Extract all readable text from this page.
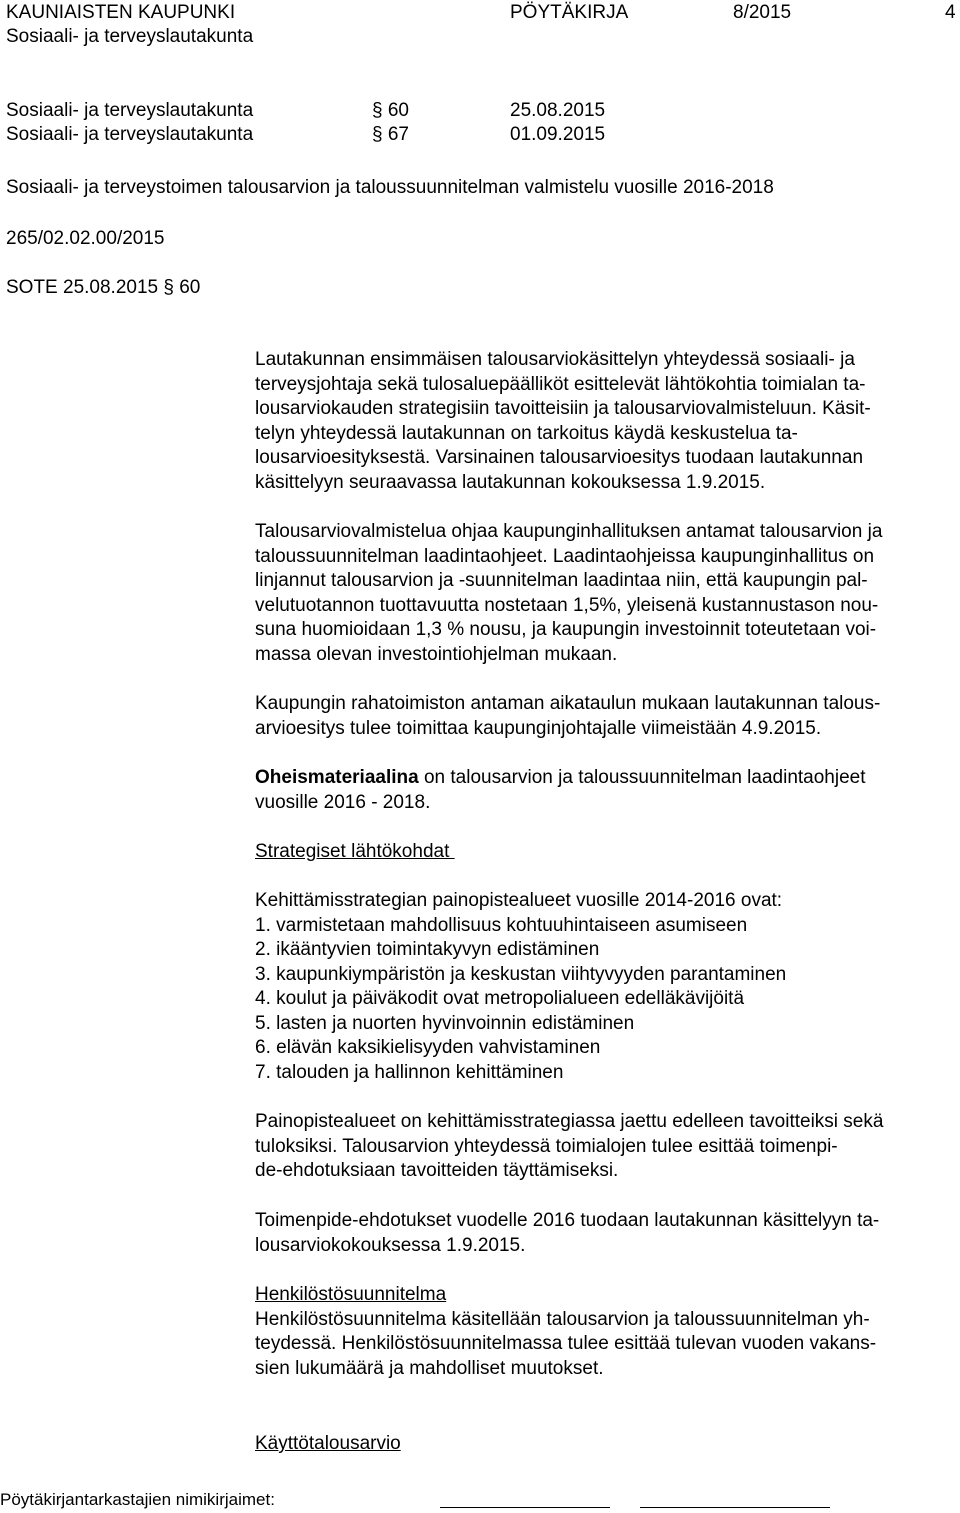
KAUNIAISTEN KAUPUNKI	PÖYTÄKIRJA	8/2015	4
Sosiaali- ja terveyslautakunta
Sosiaali- ja terveyslautakunta	§ 60	25.08.2015
Sosiaali- ja terveyslautakunta	§ 67	01.09.2015
Sosiaali- ja terveystoimen talousarvion ja taloussuunnitelman valmistelu vuosille 2016-2018
265/02.02.00/2015
SOTE 25.08.2015 § 60

Lautakunnan ensimmäisen talousarviokäsittelyn yhteydessä sosiaali- ja

terveysjohtaja sekä tulosaluepäälliköt esittelevät lähtökohtia toimialan ta-

lousarviokauden strategisiin tavoitteisiin ja talousarviovalmisteluun. Käsit-

telyn yhteydessä lautakunnan on tarkoitus käydä keskustelua ta-

lousarvioesityksestä. Varsinainen talousarvioesitys tuodaan lautakunnan

käsittelyyn seuraavassa lautakunnan kokouksessa 1.9.2015.

Talousarviovalmistelua ohjaa kaupunginhallituksen antamat talousarvion ja

taloussuunnitelman laadintaohjeet. Laadintaohjeissa kaupunginhallitus on

linjannut talousarvion ja -suunnitelman laadintaa niin, että kaupungin pal-

velutuotannon tuottavuutta nostetaan 1,5%, yleisenä kustannustason nou-

suna huomioidaan 1,3 % nousu, ja kaupungin investoinnit toteutetaan voi-

massa olevan investointiohjelman mukaan.

Kaupungin rahatoimiston antaman aikataulun mukaan lautakunnan talous-

arvioesitys tulee toimittaa kaupunginjohtajalle viimeistään 4.9.2015.

Oheismateriaalina on talousarvion ja taloussuunnitelman laadintaohjeet

vuosille 2016 - 2018.

Strategiset lähtökohdat

Kehittämisstrategian painopistealueet vuosille 2014-2016 ovat:

1. varmistetaan mahdollisuus kohtuuhintaiseen asumiseen

2. ikääntyvien toimintakyvyn edistäminen

3. kaupunkiympäristön ja keskustan viihtyvyyden parantaminen

4. koulut ja päiväkodit ovat metropolialueen edelläkävijöitä

5. lasten ja nuorten hyvinvoinnin edistäminen

6. elävän kaksikielisyyden vahvistaminen

7. talouden ja hallinnon kehittäminen

Painopistealueet on kehittämisstrategiassa jaettu edelleen tavoitteiksi sekä

tuloksiksi. Talousarvion yhteydessä toimialojen tulee esittää toimenpi-

de-ehdotuksiaan tavoitteiden täyttämiseksi.

Toimenpide-ehdotukset vuodelle 2016 tuodaan lautakunnan käsittelyyn ta-

lousarviokokouksessa 1.9.2015.

Henkilöstösuunnitelma

Henkilöstösuunnitelma käsitellään talousarvion ja taloussuunnitelman yh-

teydessä. Henkilöstösuunnitelmassa tulee esittää tulevan vuoden vakans-

sien lukumäärä ja mahdolliset muutokset.

Käyttötalousarvio

Pöytäkirjantarkastajien nimikirjaimet:
